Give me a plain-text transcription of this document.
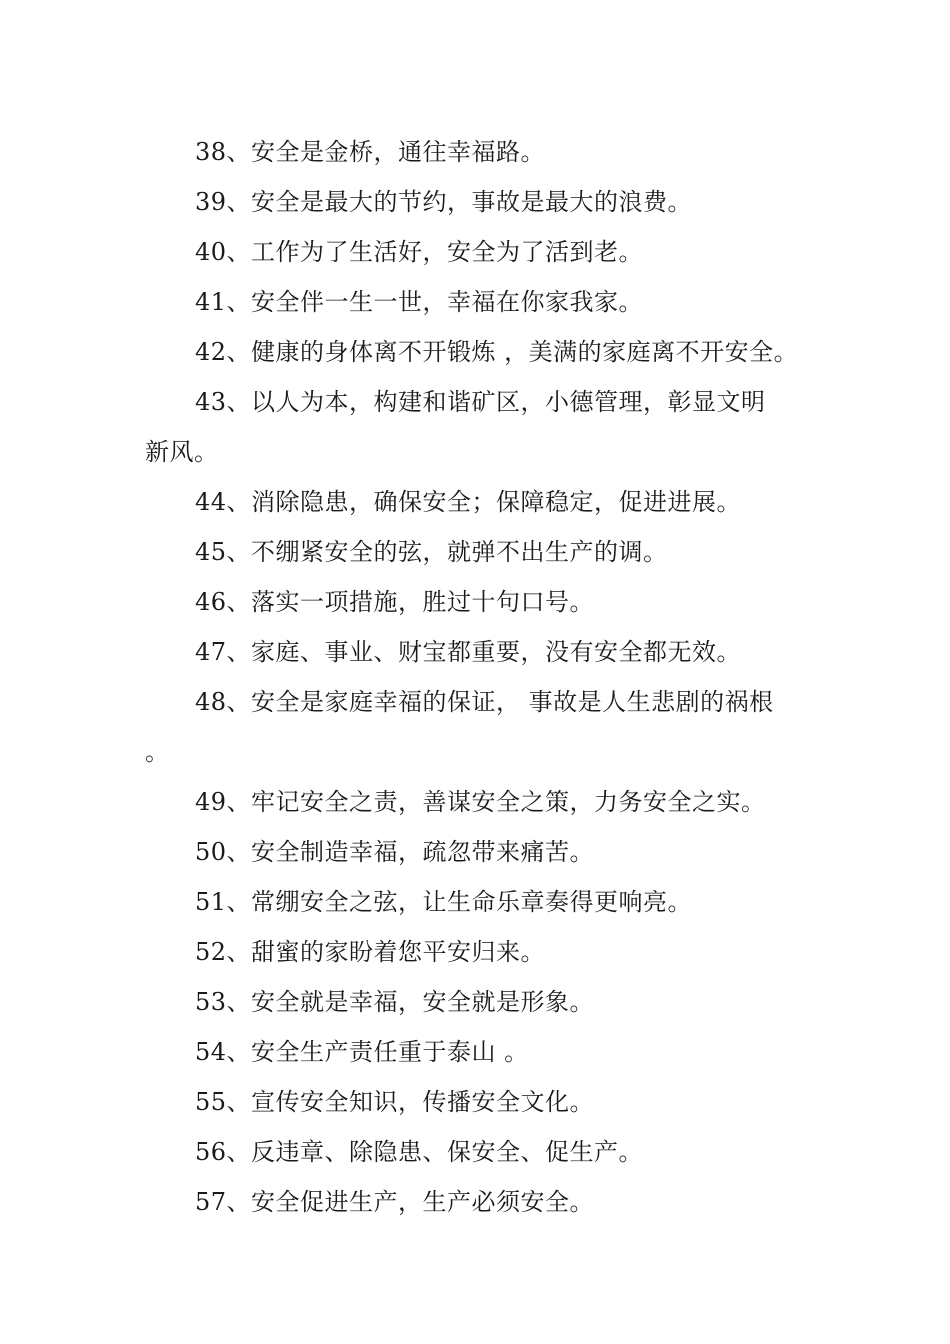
38、安全是金桥，通往幸福路。

39、安全是最大的节约，事故是最大的浪费。

40、工作为了生活好，安全为了活到老。

41、安全伴一生一世，幸福在你家我家。

42、健康的身体离不开锻炼 ，美满的家庭离不开安全。

43、以人为本，构建和谐矿区，小德管理，彰显文明

新风。

44、消除隐患，确保安全；保障稳定，促进进展。

45、不绷紧安全的弦，就弹不出生产的调。

46、落实一项措施，胜过十句口号。

47、家庭、事业、财宝都重要，没有安全都无效。

48、安全是家庭幸福的保证， 事故是人生悲剧的祸根

。

49、牢记安全之责，善谋安全之策，力务安全之实。

50、安全制造幸福，疏忽带来痛苦。

51、常绷安全之弦，让生命乐章奏得更响亮。

52、甜蜜的家盼着您平安归来。

53、安全就是幸福，安全就是形象。

54、安全生产责任重于泰山 。

55、宣传安全知识，传播安全文化。

56、反违章、除隐患、保安全、促生产。

57、安全促进生产，生产必须安全。
